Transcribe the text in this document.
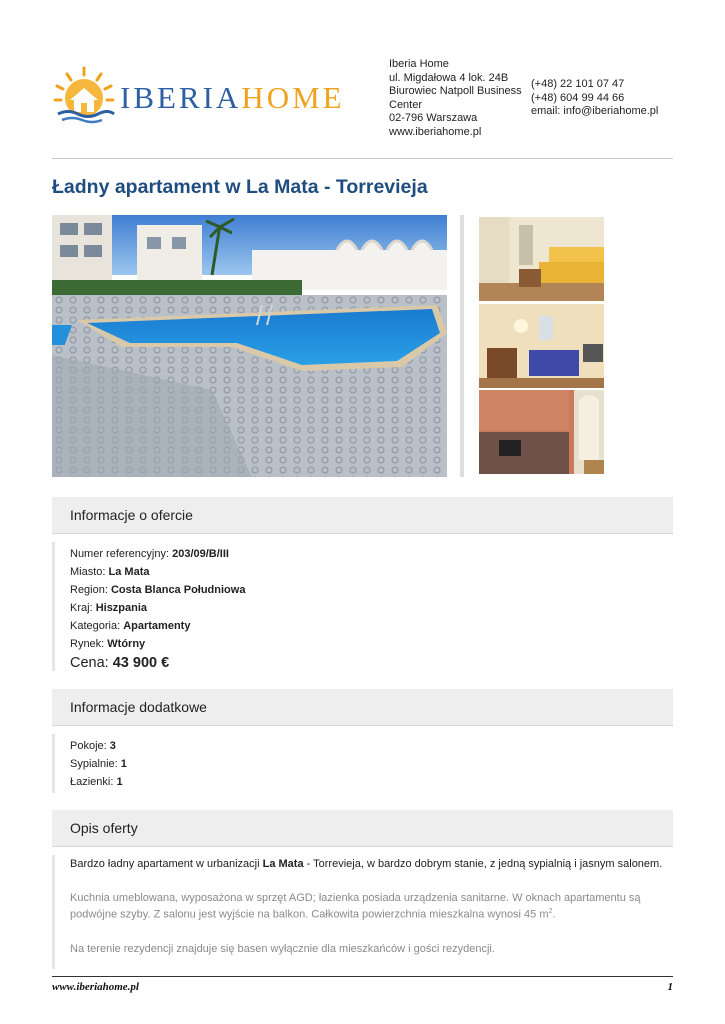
IBERIAHOME
Iberia Home
ul. Migdałowa 4 lok. 24B
Biurowiec Natpoll Business Center
02-796 Warszawa
www.iberiahome.pl
(+48) 22 101 07 47
(+48) 604 99 44 66
email: info@iberiahome.pl
Ładny apartament w La Mata - Torrevieja
Informacje o ofercie
Numer referencyjny: 203/09/B/III
Miasto: La Mata
Region: Costa Blanca Południowa
Kraj: Hiszpania
Kategoria: Apartamenty
Rynek: Wtórny
Cena: 43 900 €
Informacje dodatkowe
Pokoje: 3
Sypialnie: 1
Łazienki: 1
Opis oferty
Bardzo ładny apartament w urbanizacji La Mata - Torrevieja, w bardzo dobrym stanie, z jedną sypialnią i jasnym salonem.
Kuchnia umeblowana, wyposażona w sprzęt AGD; łazienka posiada urządzenia sanitarne. W oknach apartamentu są podwójne szyby. Z salonu jest wyjście na balkon. Całkowita powierzchnia mieszkalna wynosi 45 $m^2$.
Na terenie rezydencji znajduje się basen wyłącznie dla mieszkańców i gości rezydencji.
www.iberiahome.pl	1
